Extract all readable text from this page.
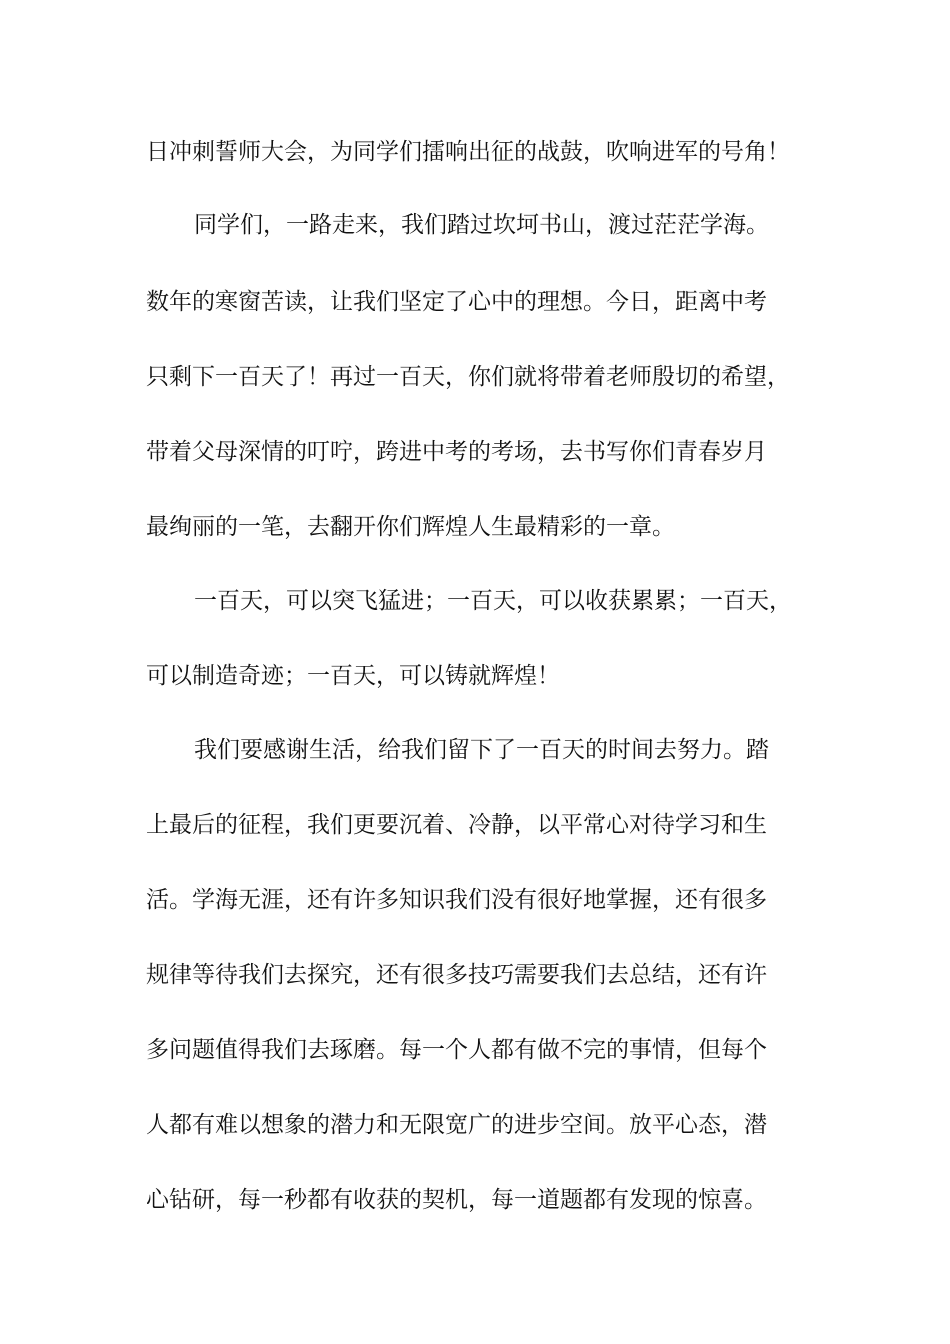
日冲刺誓师大会，为同学们擂响出征的战鼓，吹响进军的号角！
同学们，一路走来，我们踏过坎坷书山，渡过茫茫学海。
数年的寒窗苦读，让我们坚定了心中的理想。今日，距离中考
只剩下一百天了！再过一百天，你们就将带着老师殷切的希望，
带着父母深情的叮咛，跨进中考的考场，去书写你们青春岁月
最绚丽的一笔，去翻开你们辉煌人生最精彩的一章。
一百天，可以突飞猛进；一百天，可以收获累累；一百天，
可以制造奇迹；一百天，可以铸就辉煌！
我们要感谢生活，给我们留下了一百天的时间去努力。踏
上最后的征程，我们更要沉着、冷静，以平常心对待学习和生
活。学海无涯，还有许多知识我们没有很好地掌握，还有很多
规律等待我们去探究，还有很多技巧需要我们去总结，还有许
多问题值得我们去琢磨。每一个人都有做不完的事情，但每个
人都有难以想象的潜力和无限宽广的进步空间。放平心态，潜
心钻研，每一秒都有收获的契机，每一道题都有发现的惊喜。
